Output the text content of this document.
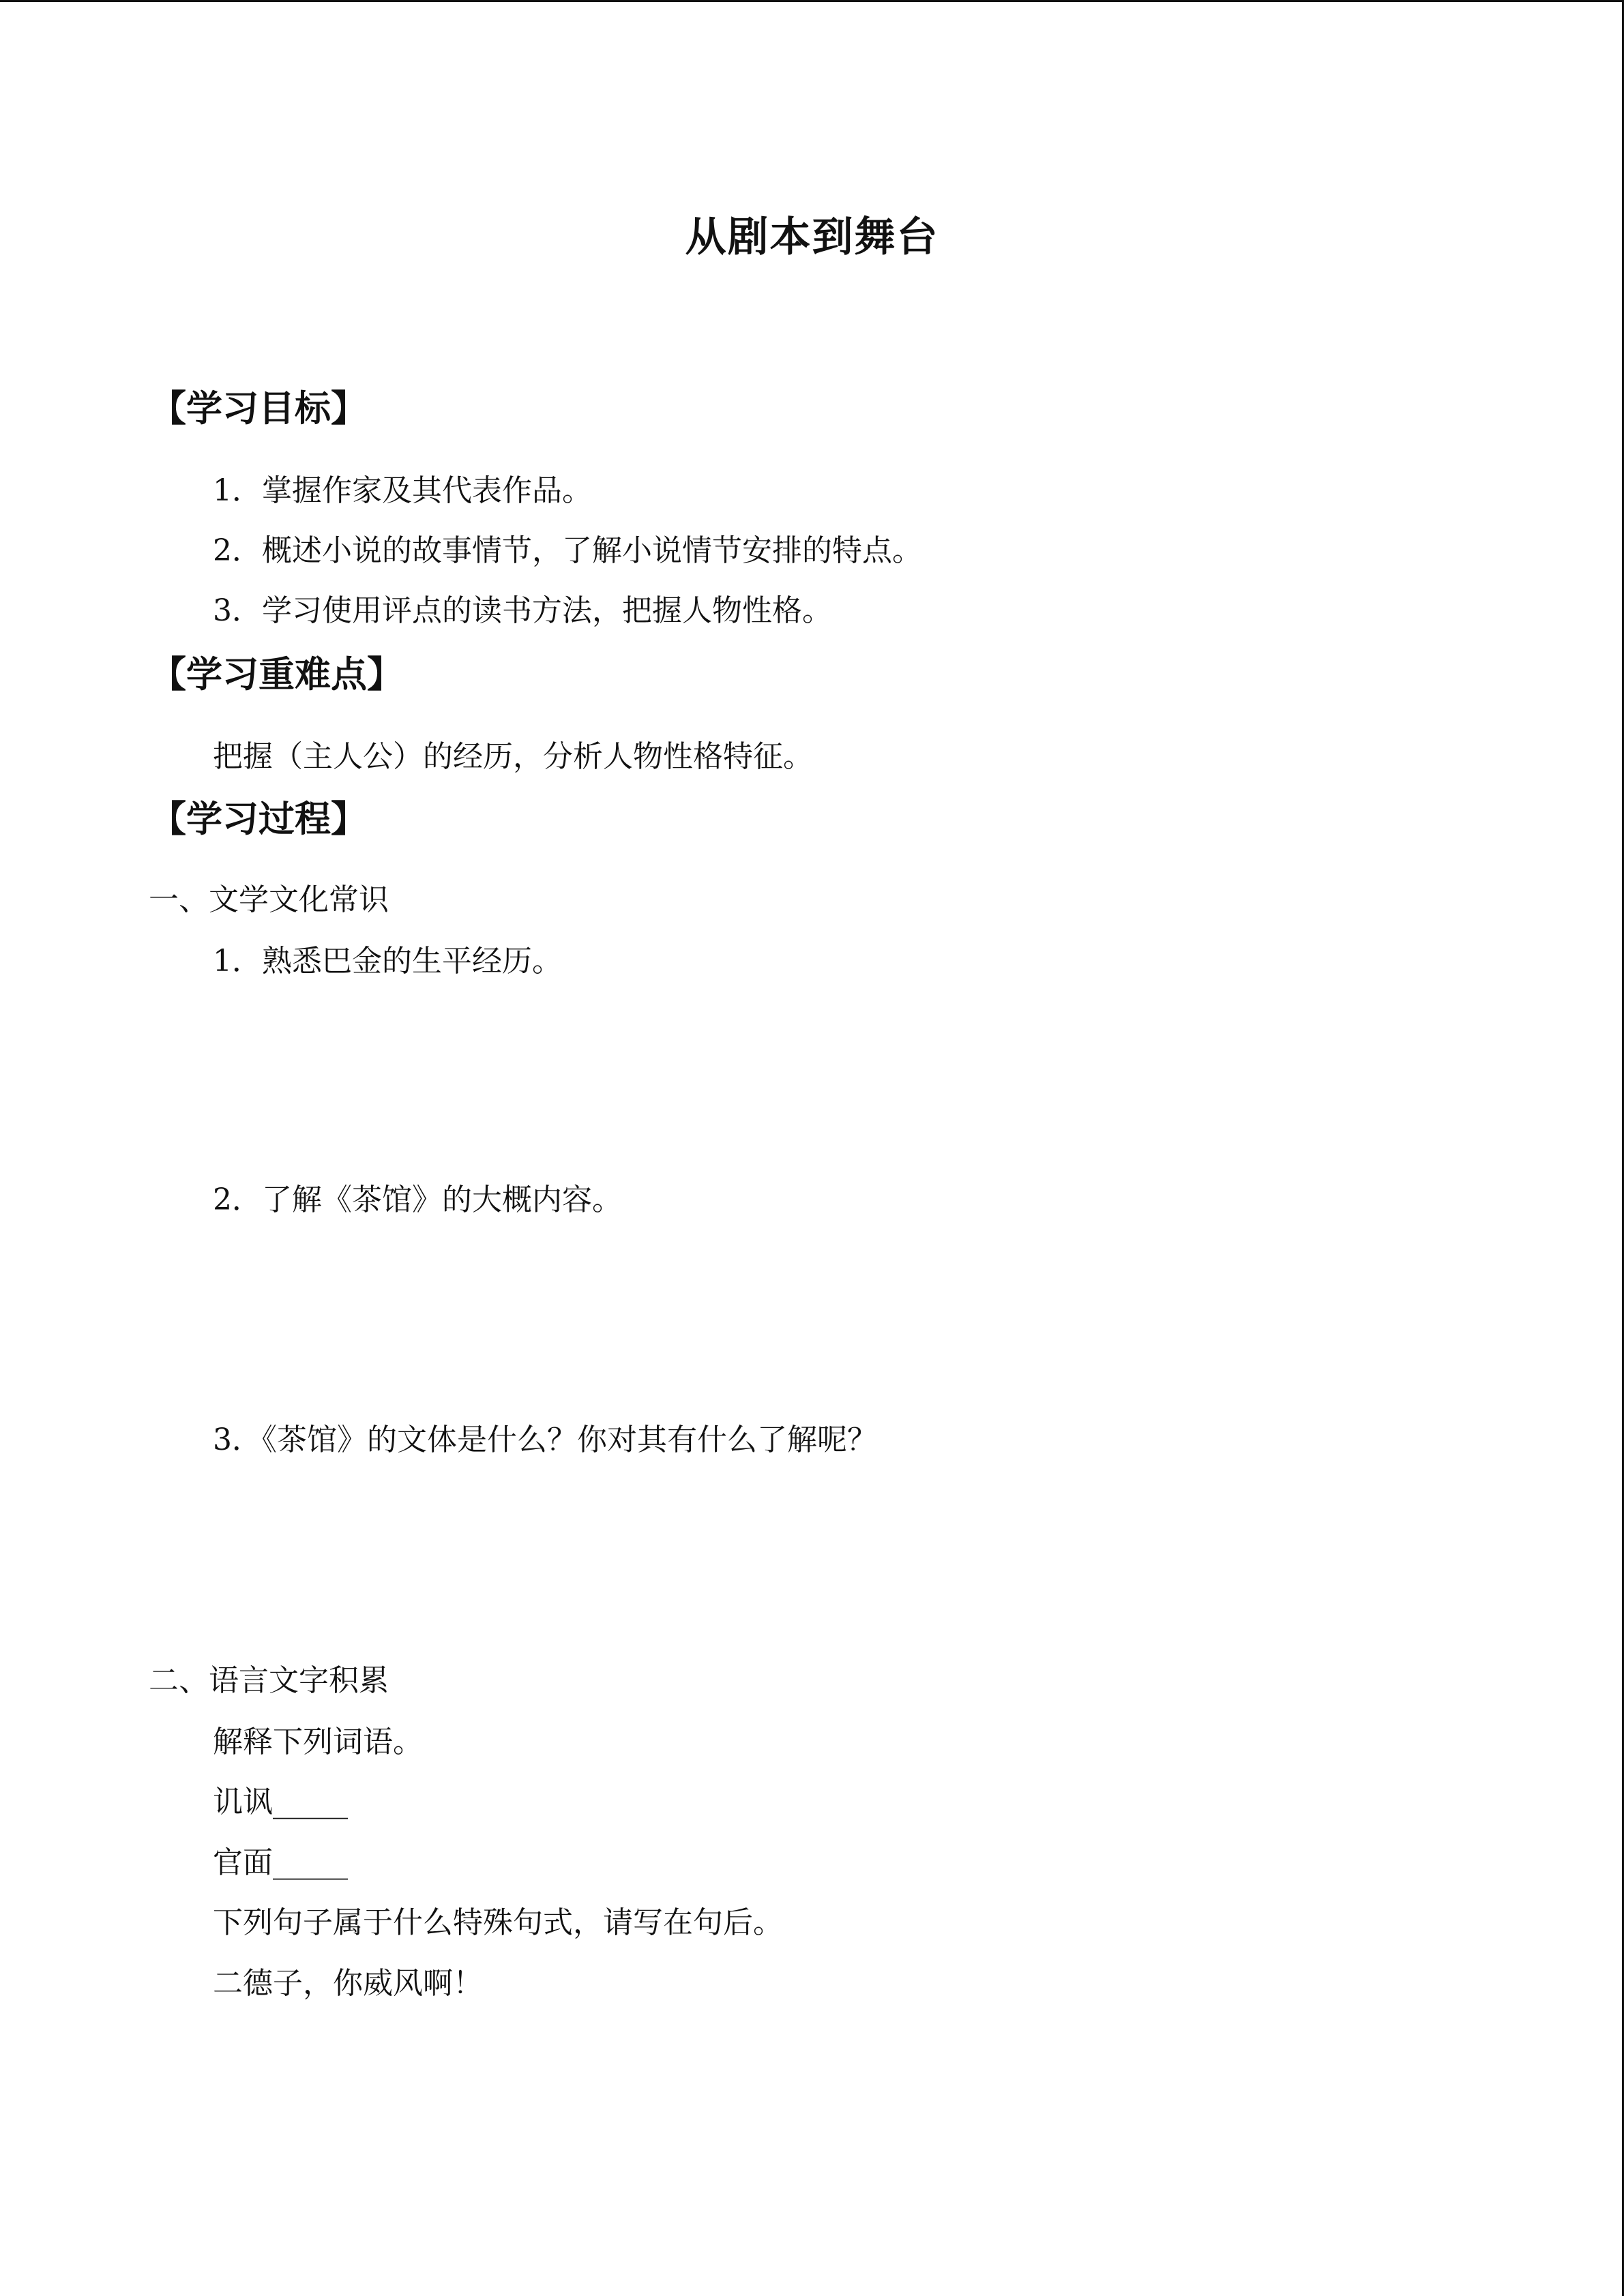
从剧本到舞台
【学习目标】
1．掌握作家及其代表作品。
2．概述小说的故事情节，了解小说情节安排的特点。
3．学习使用评点的读书方法，把握人物性格。
【学习重难点】
把握（主人公）的经历，分析人物性格特征。
【学习过程】
一、文学文化常识
1．熟悉巴金的生平经历。
2．了解《茶馆》的大概内容。
3．《茶馆》的文体是什么？你对其有什么了解呢？
二、语言文字积累
解释下列词语。
讥讽_____
官面_____
下列句子属于什么特殊句式，请写在句后。
二德子，你威风啊！
